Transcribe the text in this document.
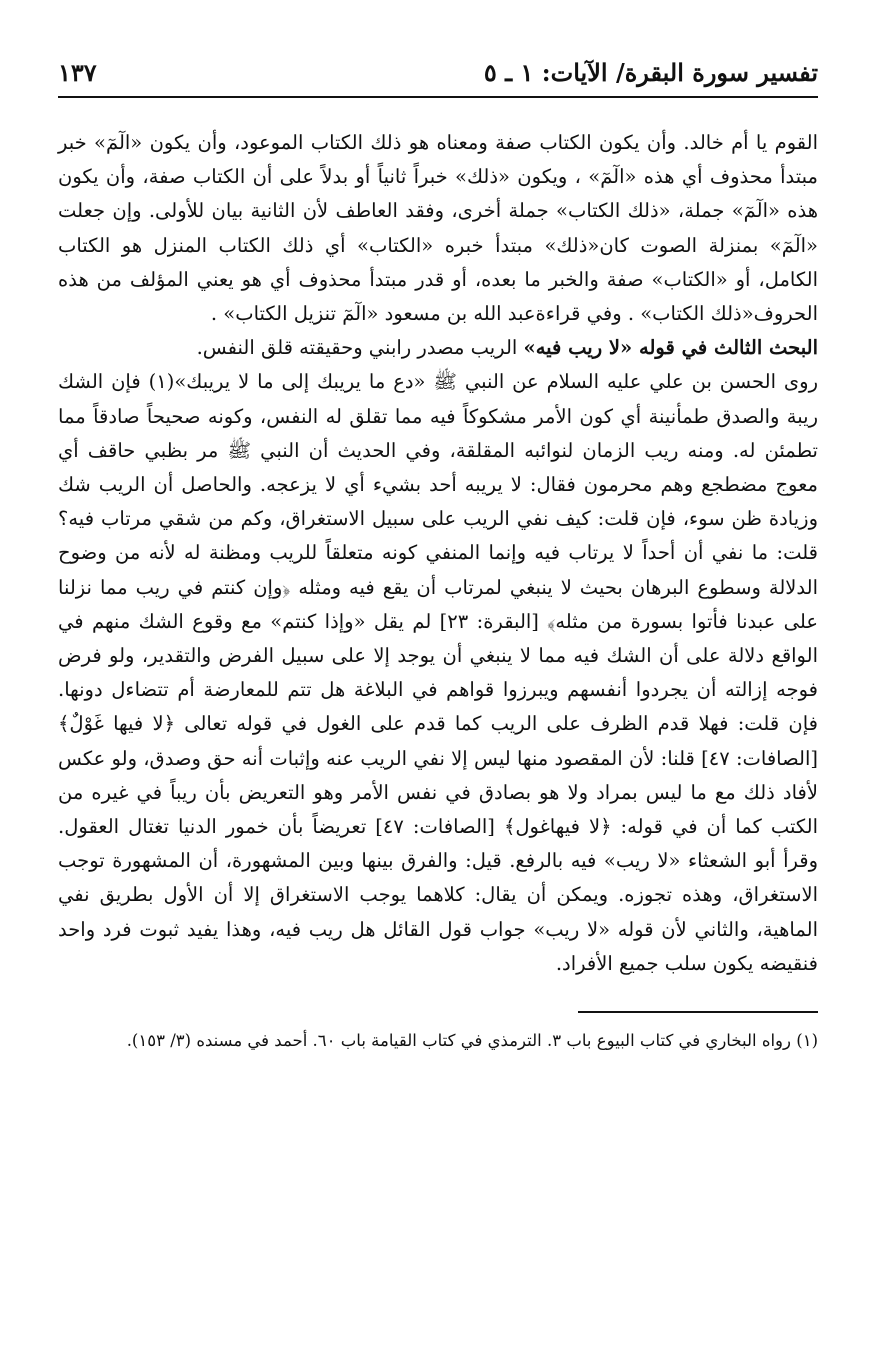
تفسير سورة البقرة/ الآيات: ١ ـ ٥
١٣٧

القوم يا أم خالد. وأن يكون الكتاب صفة ومعناه هو ذلك الكتاب الموعود، وأن يكون «الٓمٓ» خبر مبتدأ محذوف أي هذه «الٓمٓ» ، ويكون «ذلك» خبراً ثانياً أو بدلاً على أن الكتاب صفة، وأن يكون هذه «الٓمٓ» جملة، «ذلك الكتاب» جملة أخرى، وفقد العاطف لأن الثانية بيان للأولى. وإن جعلت «الٓمٓ» بمنزلة الصوت كان«ذلك» مبتدأ خبره «الكتاب» أي ذلك الكتاب المنزل هو الكتاب الكامل، أو «الكتاب» صفة والخبر ما بعده، أو قدر مبتدأ محذوف أي هو يعني المؤلف من هذه الحروف«ذلك الكتاب» . وفي قراءةعبد الله بن مسعود «الٓمٓ تنزيل الكتاب» .

البحث الثالث في قوله «لا ريب فيه» الريب مصدر رابني وحقيقته قلق النفس.

روى الحسن بن علي عليه السلام عن النبي ﷺ «دع ما يريبك إلى ما لا يريبك»(١) فإن الشك ريبة والصدق طمأنينة أي كون الأمر مشكوكاً فيه مما تقلق له النفس، وكونه صحيحاً صادقاً مما تطمئن له. ومنه ريب الزمان لنوائبه المقلقة، وفي الحديث أن النبي ﷺ مر بظبي حاقف أي معوج مضطجع وهم محرمون فقال: لا يريبه أحد بشيء أي لا يزعجه. والحاصل أن الريب شك وزيادة ظن سوء، فإن قلت: كيف نفي الريب على سبيل الاستغراق، وكم من شقي مرتاب فيه؟ قلت: ما نفي أن أحداً لا يرتاب فيه وإنما المنفي كونه متعلقاً للريب ومظنة له لأنه من وضوح الدلالة وسطوع البرهان بحيث لا ينبغي لمرتاب أن يقع فيه ومثله ﴿وإن كنتم في ريب مما نزلنا على عبدنا فأتوا بسورة من مثله﴾ [البقرة: ٢٣] لم يقل «وإذا كنتم» مع وقوع الشك منهم في الواقع دلالة على أن الشك فيه مما لا ينبغي أن يوجد إلا على سبيل الفرض والتقدير، ولو فرض فوجه إزالته أن يجردوا أنفسهم ويبرزوا قواهم في البلاغة هل تتم للمعارضة أم تتضاءل دونها. فإن قلت: فهلا قدم الظرف على الريب كما قدم على الغول في قوله تعالى ﴿لا فيها غَوْلٌ﴾ [الصافات: ٤٧] قلنا: لأن المقصود منها ليس إلا نفي الريب عنه وإثبات أنه حق وصدق، ولو عكس لأفاد ذلك مع ما ليس بمراد ولا هو بصادق في نفس الأمر وهو التعريض بأن ريباً في غيره من الكتب كما أن في قوله: ﴿لا فيهاغول﴾ [الصافات: ٤٧] تعريضاً بأن خمور الدنيا تغتال العقول. وقرأ أبو الشعثاء «لا ريب» فيه بالرفع. قيل: والفرق بينها وبين المشهورة، أن المشهورة توجب الاستغراق، وهذه تجوزه. ويمكن أن يقال: كلاهما يوجب الاستغراق إلا أن الأول بطريق نفي الماهية، والثاني لأن قوله «لا ريب» جواب قول القائل هل ريب فيه، وهذا يفيد ثبوت فرد واحد فنقيضه يكون سلب جميع الأفراد.

(١) رواه البخاري في كتاب البيوع باب ٣. الترمذي في كتاب القيامة باب ٦٠. أحمد في مسنده (٣/ ١٥٣).
